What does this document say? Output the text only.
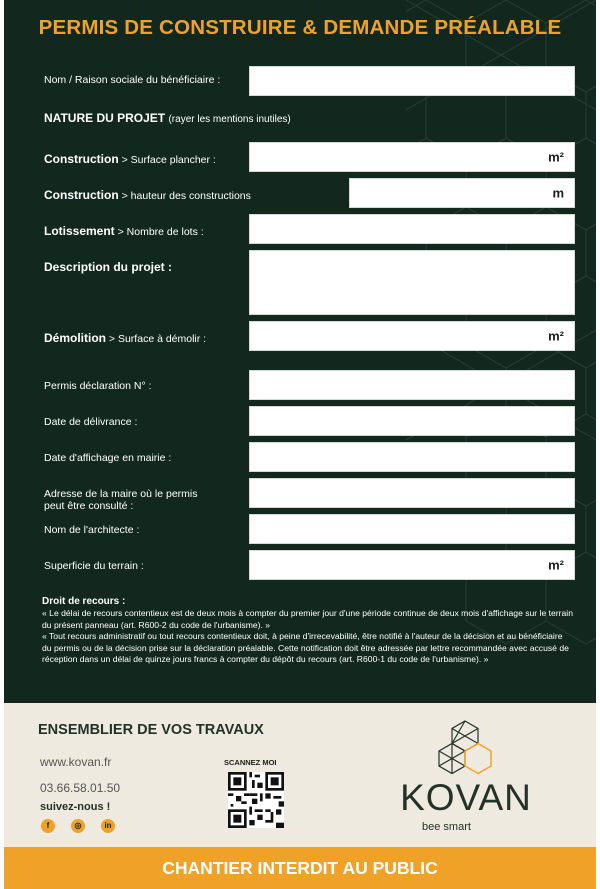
PERMIS DE CONSTRUIRE & DEMANDE PRÉALABLE
Nom / Raison sociale du bénéficiaire :
NATURE DU PROJET (rayer les mentions inutiles)
Construction > Surface plancher :	m²
Construction > hauteur des constructions	m
Lotissement > Nombre de lots :
Description du projet :
Démolition > Surface à démolir :	m²
Permis déclaration N° :
Date de délivrance :
Date d'affichage en mairie :
Adresse de la maire où le permis
peut être consulté :
Nom de l'architecte :
Superficie du terrain :	m²
Droit de recours :
« Le délai de recours contentieux est de deux mois à compter du premier jour d'une période continue de deux mois d'affichage sur le terrain du présent panneau (art. R600-2 du code de l'urbanisme). »
« Tout recours administratif ou tout recours contentieux doit, à peine d'irrecevabilité, être notifié à l'auteur de la décision et au bénéficiaire du permis ou de la décision prise sur la déclaration préalable. Cette notification doit être adressée par lettre recommandée avec accusé de réception dans un délai de quinze jours francs à compter du dépôt du recours (art. R600-1 du code de l'urbanisme). »
ENSEMBLIER DE VOS TRAVAUX
www.kovan.fr
03.66.58.01.50
suivez-nous !
f	◎	in
SCANNEZ MOI
KOVAN
bee smart
CHANTIER INTERDIT AU PUBLIC
